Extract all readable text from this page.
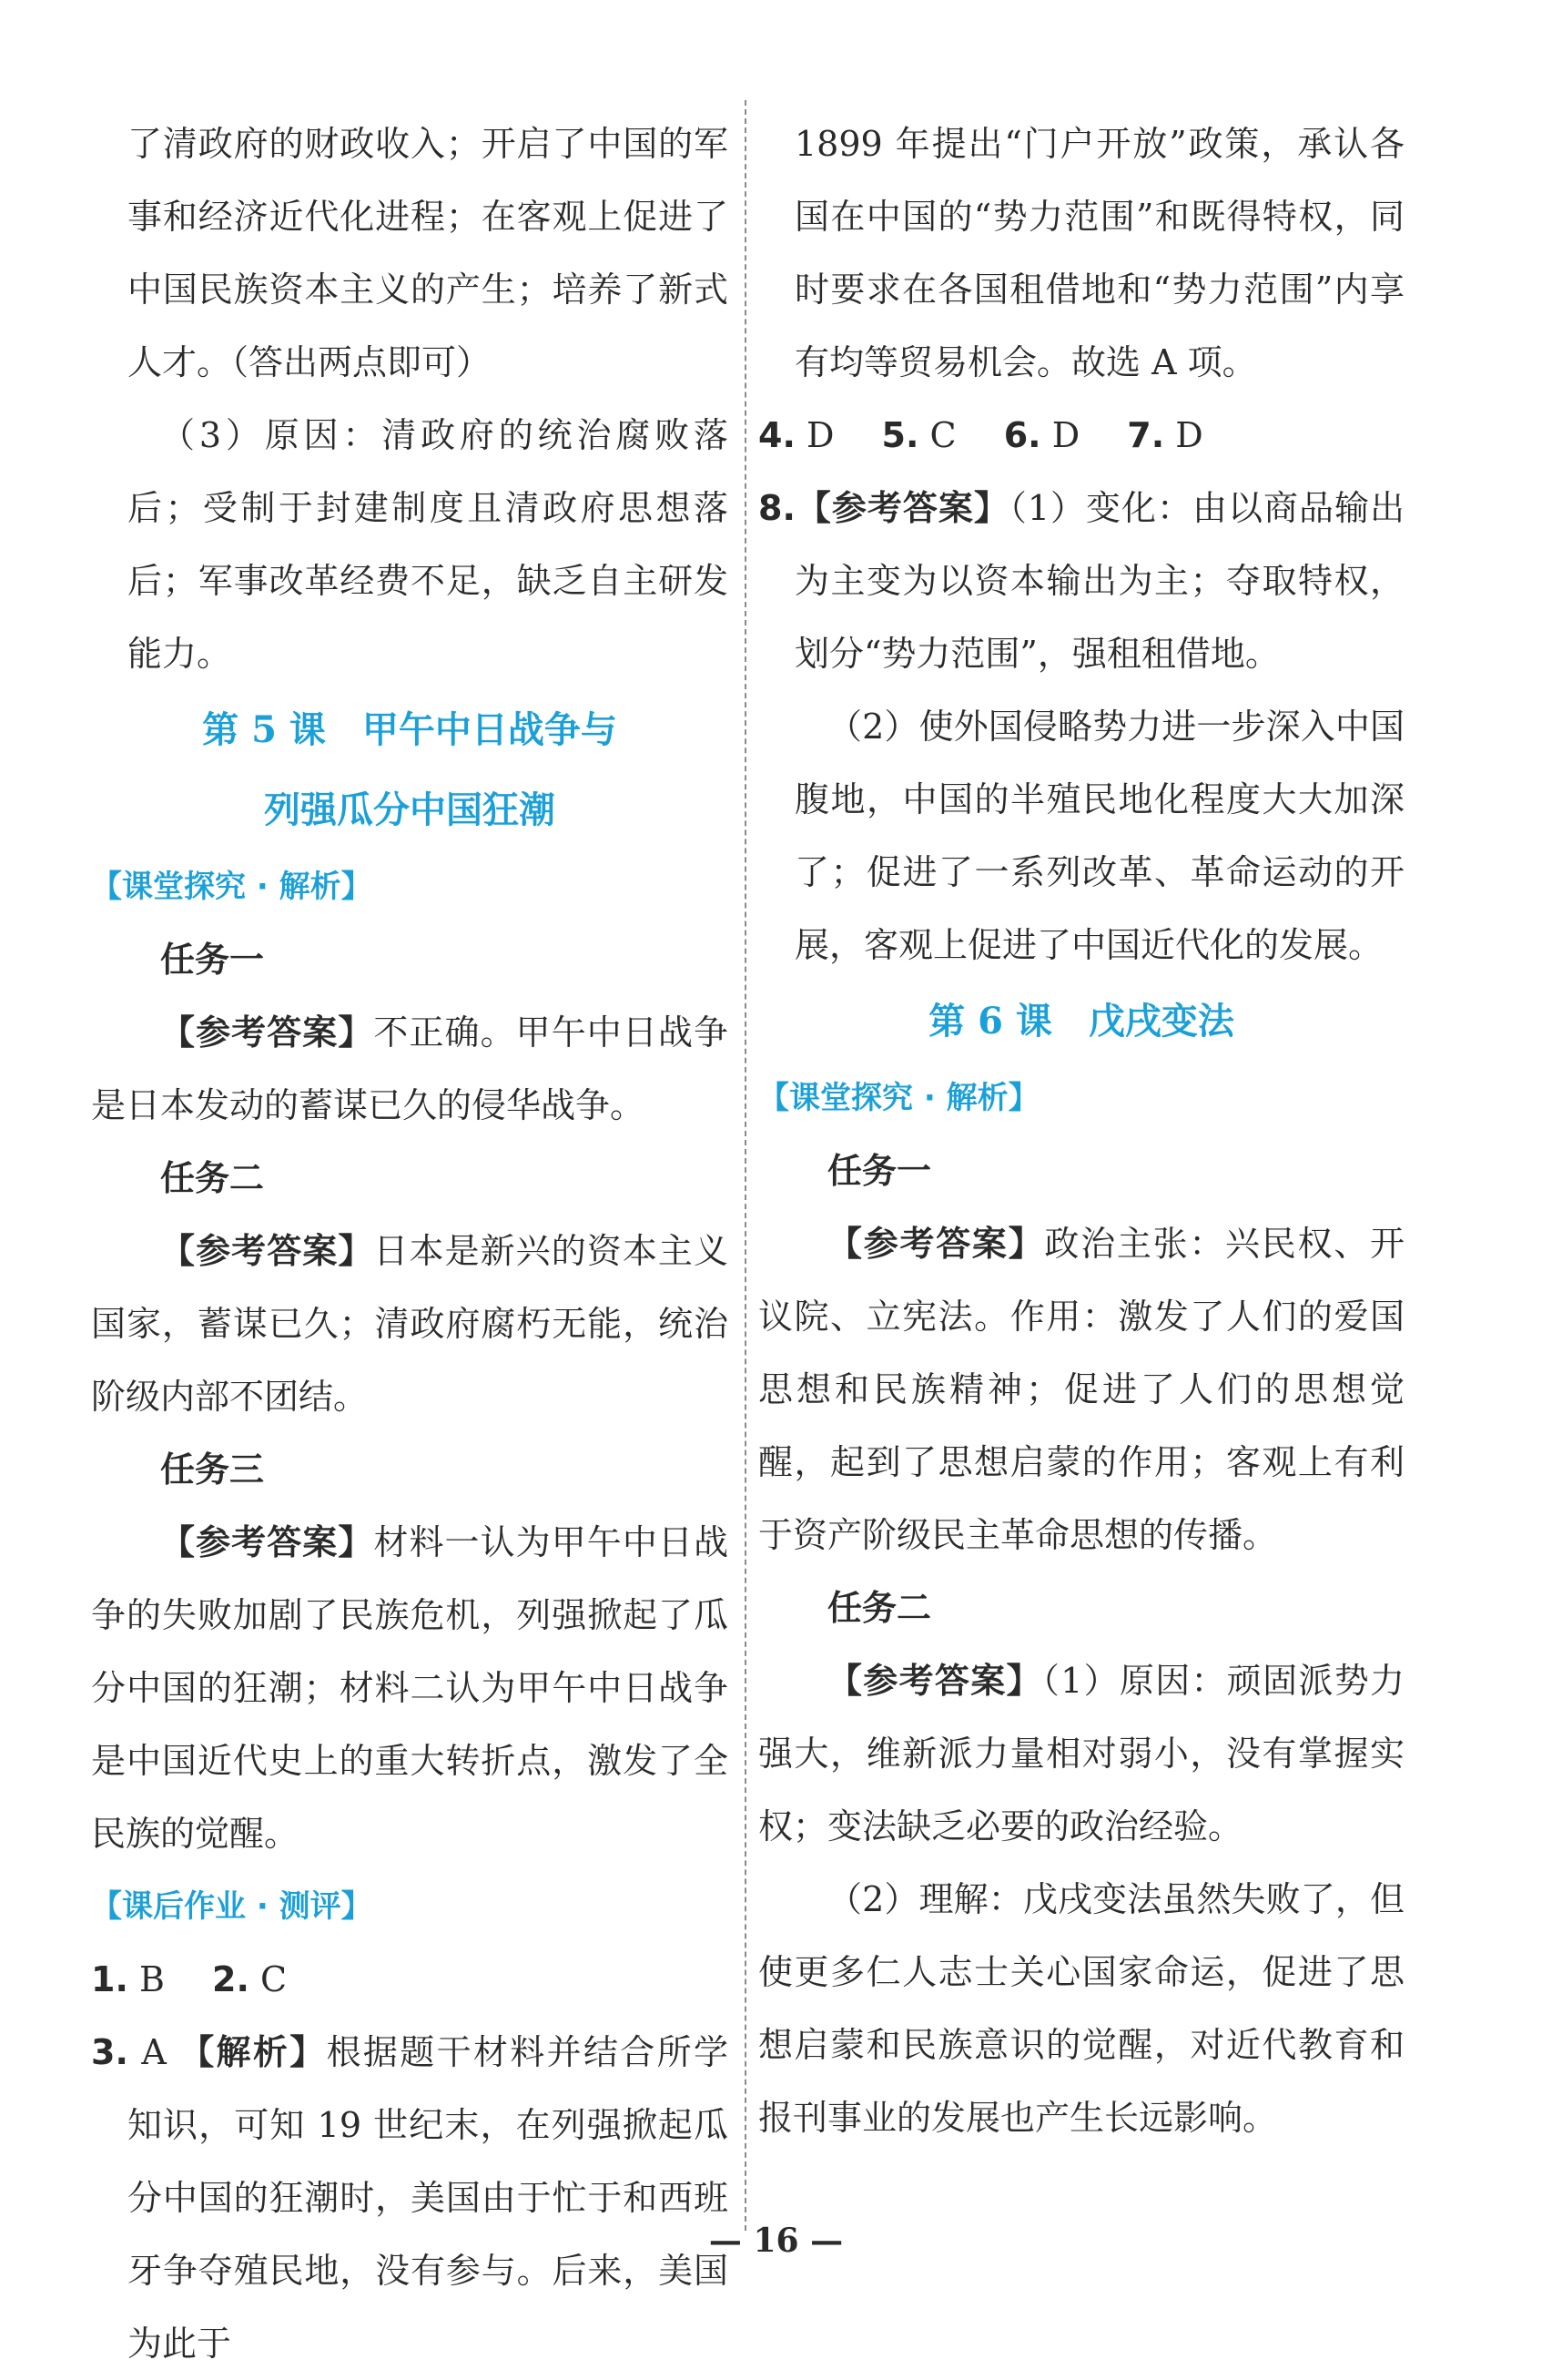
了清政府的财政收入；开启了中国的军事和经济近代化进程；在客观上促进了中国民族资本主义的产生；培养了新式人才。（答出两点即可）

（3）原因：清政府的统治腐败落后；受制于封建制度且清政府思想落后；军事改革经费不足，缺乏自主研发能力。

第 5 课　甲午中日战争与
列强瓜分中国狂潮
【课堂探究 · 解析】
任务一

【参考答案】不正确。甲午中日战争是日本发动的蓄谋已久的侵华战争。

任务二

【参考答案】日本是新兴的资本主义国家，蓄谋已久；清政府腐朽无能，统治阶级内部不团结。

任务三

【参考答案】材料一认为甲午中日战争的失败加剧了民族危机，列强掀起了瓜分中国的狂潮；材料二认为甲午中日战争是中国近代史上的重大转折点，激发了全民族的觉醒。

【课后作业 · 测评】

1. B 2. C

3. A 【解析】根据题干材料并结合所学知识，可知 19 世纪末，在列强掀起瓜分中国的狂潮时，美国由于忙于和西班牙争夺殖民地，没有参与。后来，美国为此于

1899 年提出“门户开放”政策，承认各国在中国的“势力范围”和既得特权，同时要求在各国租借地和“势力范围”内享有均等贸易机会。故选 A 项。

4. D 5. C 6. D 7. D

8.【参考答案】（1）变化：由以商品输出为主变为以资本输出为主；夺取特权，划分“势力范围”，强租租借地。

（2）使外国侵略势力进一步深入中国腹地，中国的半殖民地化程度大大加深了；促进了一系列改革、革命运动的开展，客观上促进了中国近代化的发展。

第 6 课　戊戌变法
【课堂探究 · 解析】
任务一

【参考答案】政治主张：兴民权、开议院、立宪法。作用：激发了人们的爱国思想和民族精神；促进了人们的思想觉醒，起到了思想启蒙的作用；客观上有利于资产阶级民主革命思想的传播。

任务二

【参考答案】（1）原因：顽固派势力强大，维新派力量相对弱小，没有掌握实权；变法缺乏必要的政治经验。

（2）理解：戊戌变法虽然失败了，但使更多仁人志士关心国家命运，促进了思想启蒙和民族意识的觉醒，对近代教育和报刊事业的发展也产生长远影响。

— 16 —
